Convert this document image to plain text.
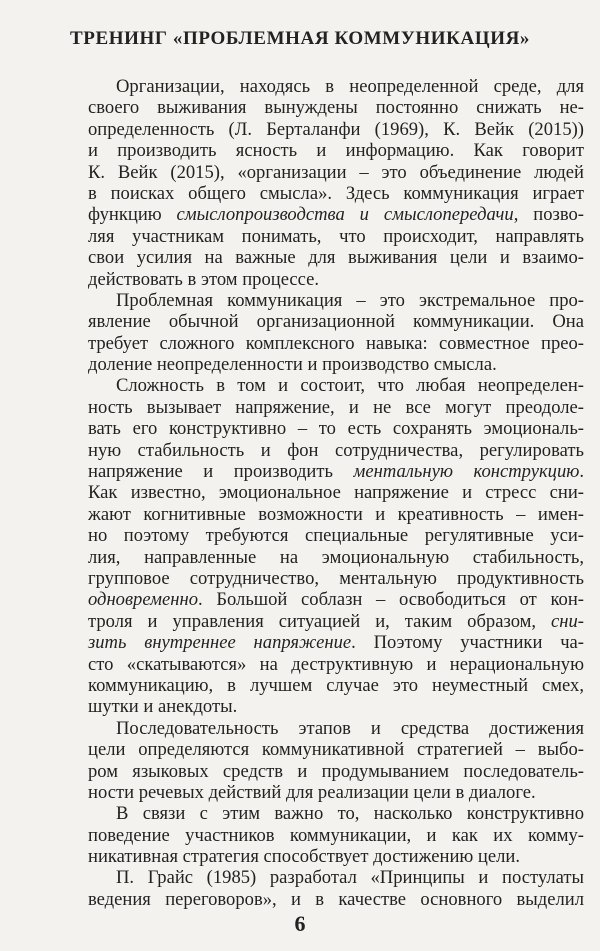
ТРЕНИНГ «ПРОБЛЕМНАЯ КОММУНИКАЦИЯ»
Организации, находясь в неопределенной среде, для
своего выживания вынуждены постоянно снижать не-
определенность (Л. Берталанфи (1969), К. Вейк (2015))
и производить ясность и информацию. Как говорит
К. Вейк (2015), «организации – это объединение людей
в поисках общего смысла». Здесь коммуникация играет
функцию смыслопроизводства и смыслопередачи, позво-
ляя участникам понимать, что происходит, направлять
свои усилия на важные для выживания цели и взаимо-
действовать в этом процессе.
Проблемная коммуникация – это экстремальное про-
явление обычной организационной коммуникации. Она
требует сложного комплексного навыка: совместное прео-
доление неопределенности и производство смысла.
Сложность в том и состоит, что любая неопределен-
ность вызывает напряжение, и не все могут преодоле-
вать его конструктивно – то есть сохранять эмоциональ-
ную стабильность и фон сотрудничества, регулировать
напряжение и производить ментальную конструкцию.
Как известно, эмоциональное напряжение и стресс сни-
жают когнитивные возможности и креативность – имен-
но поэтому требуются специальные регулятивные уси-
лия, направленные на эмоциональную стабильность,
групповое сотрудничество, ментальную продуктивность
одновременно. Большой соблазн – освободиться от кон-
троля и управления ситуацией и, таким образом, сни-
зить внутреннее напряжение. Поэтому участники ча-
сто «скатываются» на деструктивную и нерациональную
коммуникацию, в лучшем случае это неуместный смех,
шутки и анекдоты.
Последовательность этапов и средства достижения
цели определяются коммуникативной стратегией – выбо-
ром языковых средств и продумыванием последователь-
ности речевых действий для реализации цели в диалоге.
В связи с этим важно то, насколько конструктивно
поведение участников коммуникации, и как их комму-
никативная стратегия способствует достижению цели.
П. Грайс (1985) разработал «Принципы и постулаты
ведения переговоров», и в качестве основного выделил
6
